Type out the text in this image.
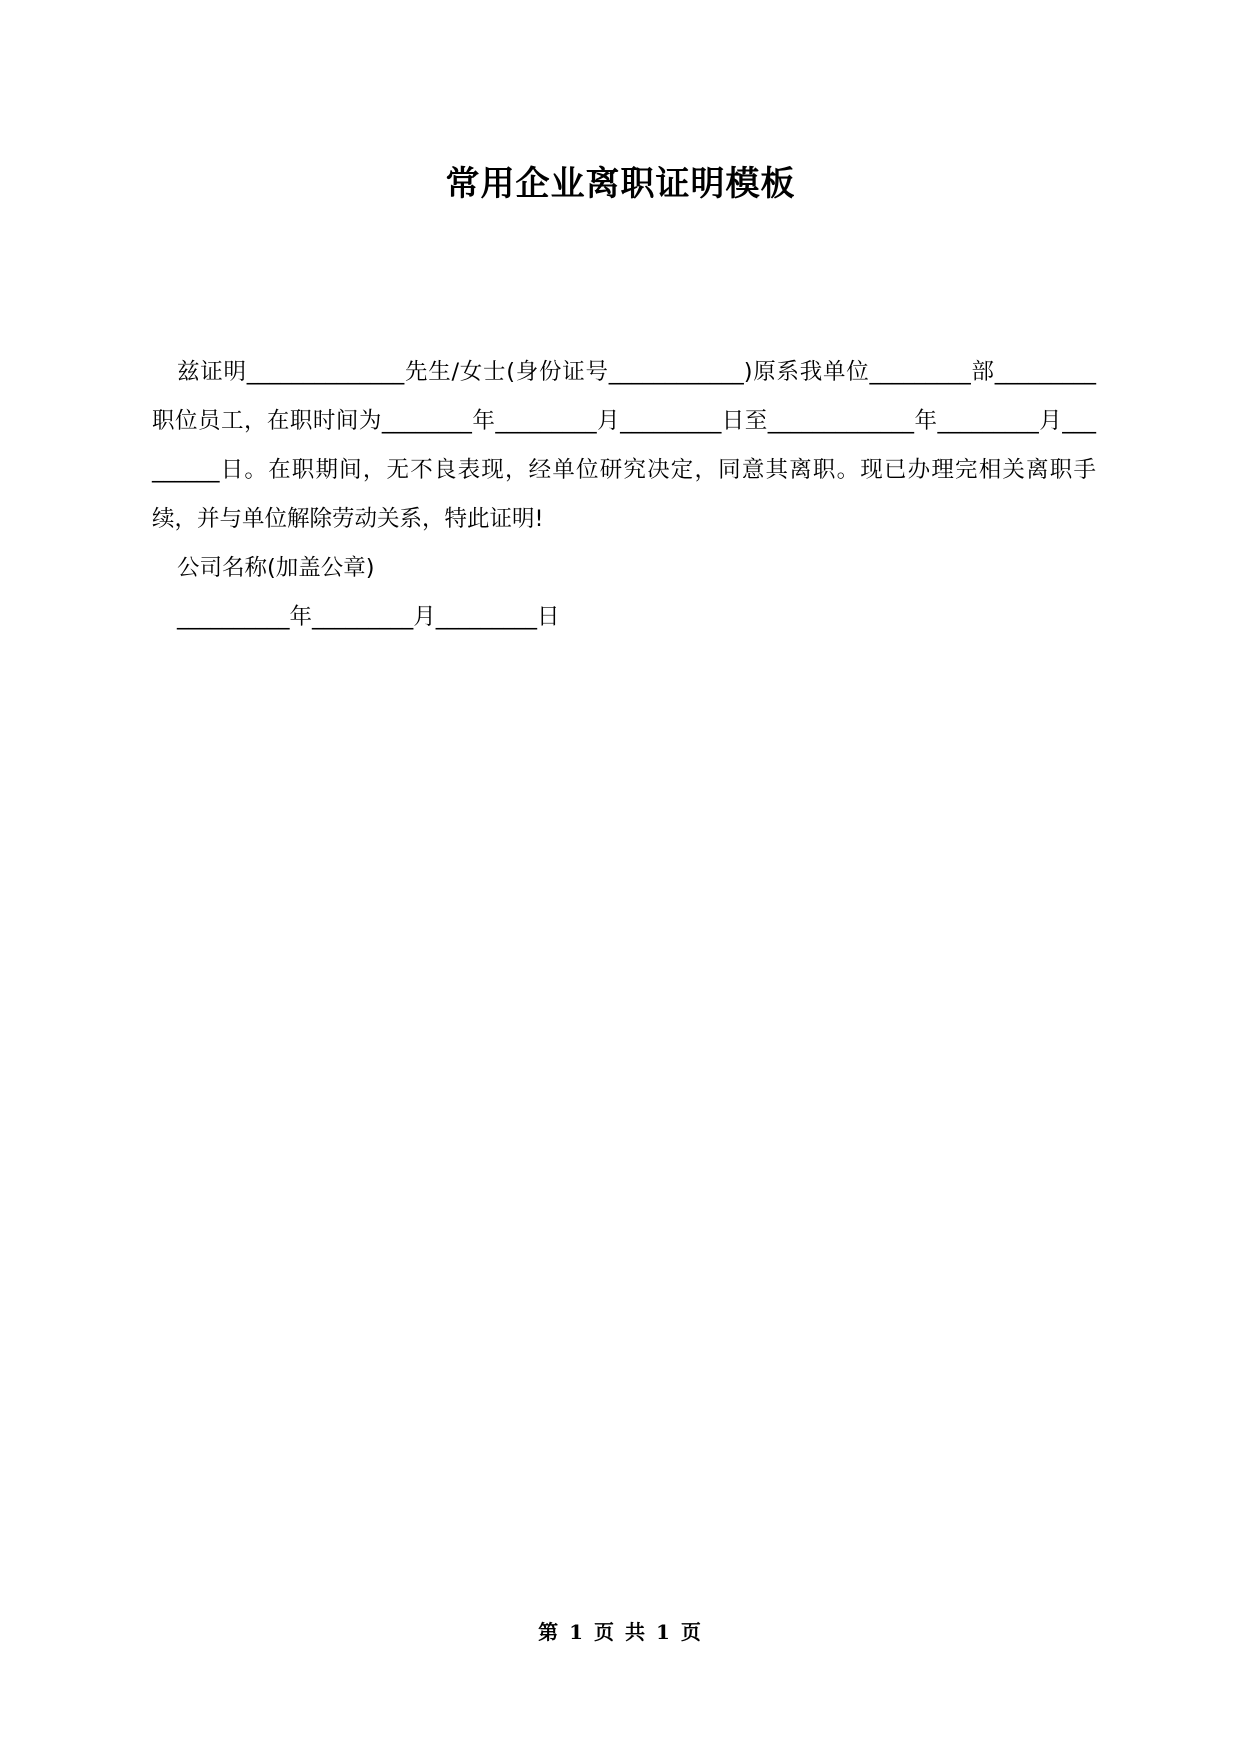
常用企业离职证明模板

兹证明______________先生/女士(身份证号____________)原系我单位_________部_________职位员工，在职时间为________年_________月_________日至_____________年_________月_________日。在职期间，无不良表现，经单位研究决定，同意其离职。现已办理完相关离职手续，并与单位解除劳动关系，特此证明!

公司名称(加盖公章)

__________年_________月_________日

第 1 页 共 1 页
